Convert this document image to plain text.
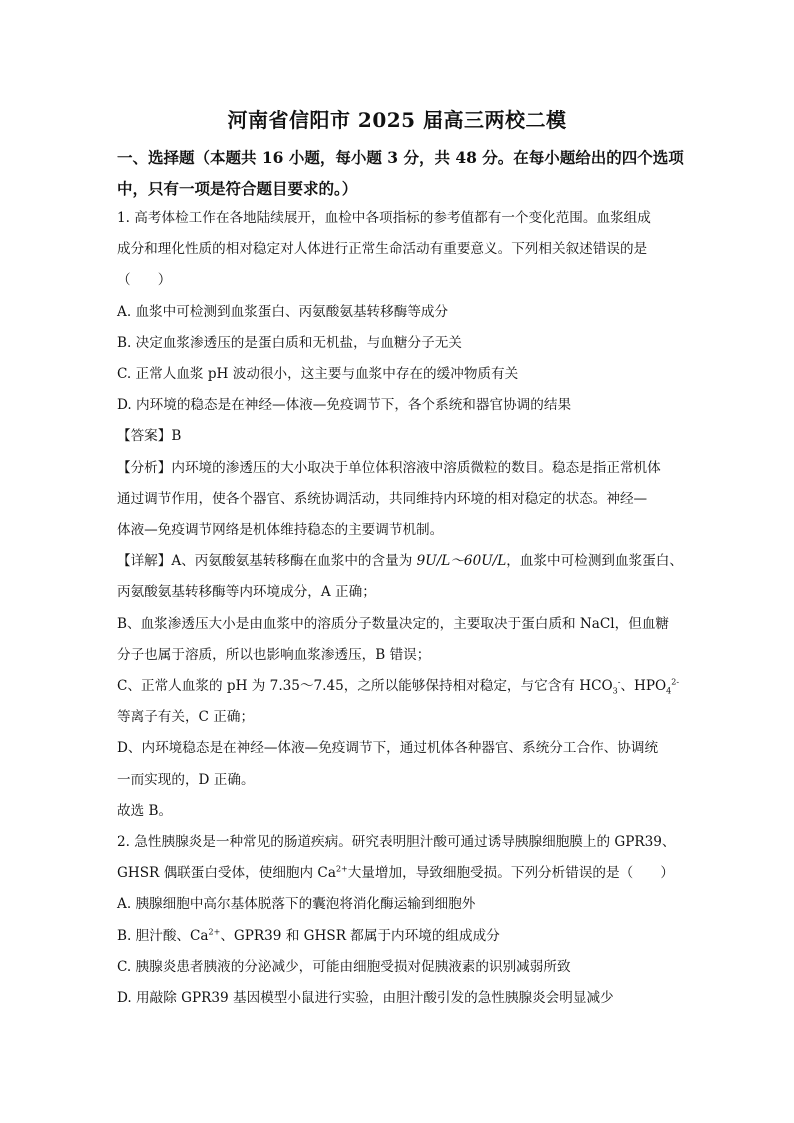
河南省信阳市 2025 届高三两校二模
一、选择题（本题共 16 小题，每小题 3 分，共 48 分。在每小题给出的四个选项中，只有一项是符合题目要求的。）

1. 高考体检工作在各地陆续展开，血检中各项指标的参考值都有一个变化范围。血浆组成

成分和理化性质的相对稳定对人体进行正常生命活动有重要意义。下列相关叙述错误的是

（　　）

A. 血浆中可检测到血浆蛋白、丙氨酸氨基转移酶等成分

B. 决定血浆渗透压的是蛋白质和无机盐，与血糖分子无关

C. 正常人血浆 pH 波动很小，这主要与血浆中存在的缓冲物质有关

D. 内环境的稳态是在神经—体液—免疫调节下，各个系统和器官协调的结果

【答案】B

【分析】内环境的渗透压的大小取决于单位体积溶液中溶质微粒的数目。稳态是指正常机体

通过调节作用，使各个器官、系统协调活动，共同维持内环境的相对稳定的状态。神经—

体液—免疫调节网络是机体维持稳态的主要调节机制。

【详解】A、丙氨酸氨基转移酶在血浆中的含量为 9U/L～60U/L，血浆中可检测到血浆蛋白、

丙氨酸氨基转移酶等内环境成分，A 正确；

B、血浆渗透压大小是由血浆中的溶质分子数量决定的，主要取决于蛋白质和 NaCl，但血糖

分子也属于溶质，所以也影响血浆渗透压，B 错误；

C、正常人血浆的 pH 为 7.35～7.45，之所以能够保持相对稳定，与它含有 $HCO_3^-$、$HPO_4^{2-}$

等离子有关，C 正确；

D、内环境稳态是在神经—体液—免疫调节下，通过机体各种器官、系统分工合作、协调统

一而实现的，D 正确。

故选 B。

2. 急性胰腺炎是一种常见的肠道疾病。研究表明胆汁酸可通过诱导胰腺细胞膜上的 GPR39、

GHSR 偶联蛋白受体，使细胞内 $Ca^{2+}$大量增加，导致细胞受损。下列分析错误的是（　　）

A. 胰腺细胞中高尔基体脱落下的囊泡将消化酶运输到细胞外

B. 胆汁酸、$Ca^{2+}$、GPR39 和 GHSR 都属于内环境的组成成分

C. 胰腺炎患者胰液的分泌减少，可能由细胞受损对促胰液素的识别减弱所致

D. 用敲除 GPR39 基因模型小鼠进行实验，由胆汁酸引发的急性胰腺炎会明显减少
